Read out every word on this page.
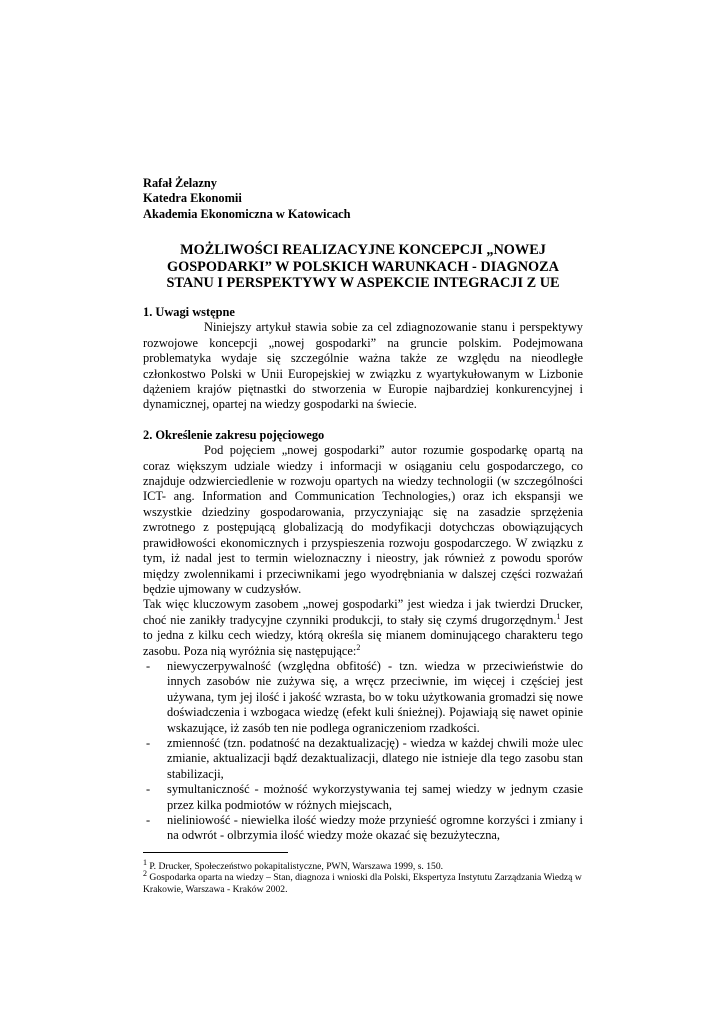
Rafał Żelazny
Katedra Ekonomii
Akademia Ekonomiczna w Katowicach
MOŻLIWOŚCI REALIZACYJNE KONCEPCJI „NOWEJ GOSPODARKI” W POLSKICH WARUNKACH - DIAGNOZA STANU I PERSPEKTYWY W ASPEKCIE INTEGRACJI Z UE
1. Uwagi wstępne

Niniejszy artykuł stawia sobie za cel zdiagnozowanie stanu i perspektywy rozwojowe koncepcji „nowej gospodarki” na gruncie polskim. Podejmowana problematyka wydaje się szczególnie ważna także ze względu na nieodległe członkostwo Polski w Unii Europejskiej w związku z wyartykułowanym w Lizbonie dążeniem krajów piętnastki do stworzenia w Europie najbardziej konkurencyjnej i dynamicznej, opartej na wiedzy gospodarki na świecie.

2. Określenie zakresu pojęciowego

Pod pojęciem „nowej gospodarki” autor rozumie gospodarkę opartą na coraz większym udziale wiedzy i informacji w osiąganiu celu gospodarczego, co znajduje odzwierciedlenie w rozwoju opartych na wiedzy technologii (w szczególności ICT- ang. Information and Communication Technologies,) oraz ich ekspansji we wszystkie dziedziny gospodarowania, przyczyniając się na zasadzie sprzężenia zwrotnego z postępującą globalizacją do modyfikacji dotychczas obowiązujących prawidłowości ekonomicznych i przyspieszenia rozwoju gospodarczego. W związku z tym, iż nadal jest to termin wieloznaczny i nieostry, jak również z powodu sporów między zwolennikami i przeciwnikami jego wyodrębniania w dalszej części rozważań będzie ujmowany w cudzysłów.

Tak więc kluczowym zasobem „nowej gospodarki” jest wiedza i jak twierdzi Drucker, choć nie zanikły tradycyjne czynniki produkcji, to stały się czymś drugorzędnym.$^1$ Jest to jedna z kilku cech wiedzy, którą określa się mianem dominującego charakteru tego zasobu. Poza nią wyróżnia się następujące:$^2$

- niewyczerpywalność (względna obfitość) - tzn. wiedza w przeciwieństwie do innych zasobów nie zużywa się, a wręcz przeciwnie, im więcej i częściej jest używana, tym jej ilość i jakość wzrasta, bo w toku użytkowania gromadzi się nowe doświadczenia i wzbogaca wiedzę (efekt kuli śnieżnej). Pojawiają się nawet opinie wskazujące, iż zasób ten nie podlega ograniczeniom rzadkości.
- zmienność (tzn. podatność na dezaktualizację) - wiedza w każdej chwili może ulec zmianie, aktualizacji bądź dezaktualizacji, dlatego nie istnieje dla tego zasobu stan stabilizacji,
- symultaniczność - możność wykorzystywania tej samej wiedzy w jednym czasie przez kilka podmiotów w różnych miejscach,
- nieliniowość - niewielka ilość wiedzy może przynieść ogromne korzyści i zmiany i na odwrót - olbrzymia ilość wiedzy może okazać się bezużyteczna,

$^1$ P. Drucker, Społeczeństwo pokapitalistyczne, PWN, Warszawa 1999, s. 150.

$^2$ Gospodarka oparta na wiedzy – Stan, diagnoza i wnioski dla Polski, Ekspertyza Instytutu Zarządzania Wiedzą w Krakowie, Warszawa - Kraków 2002.
